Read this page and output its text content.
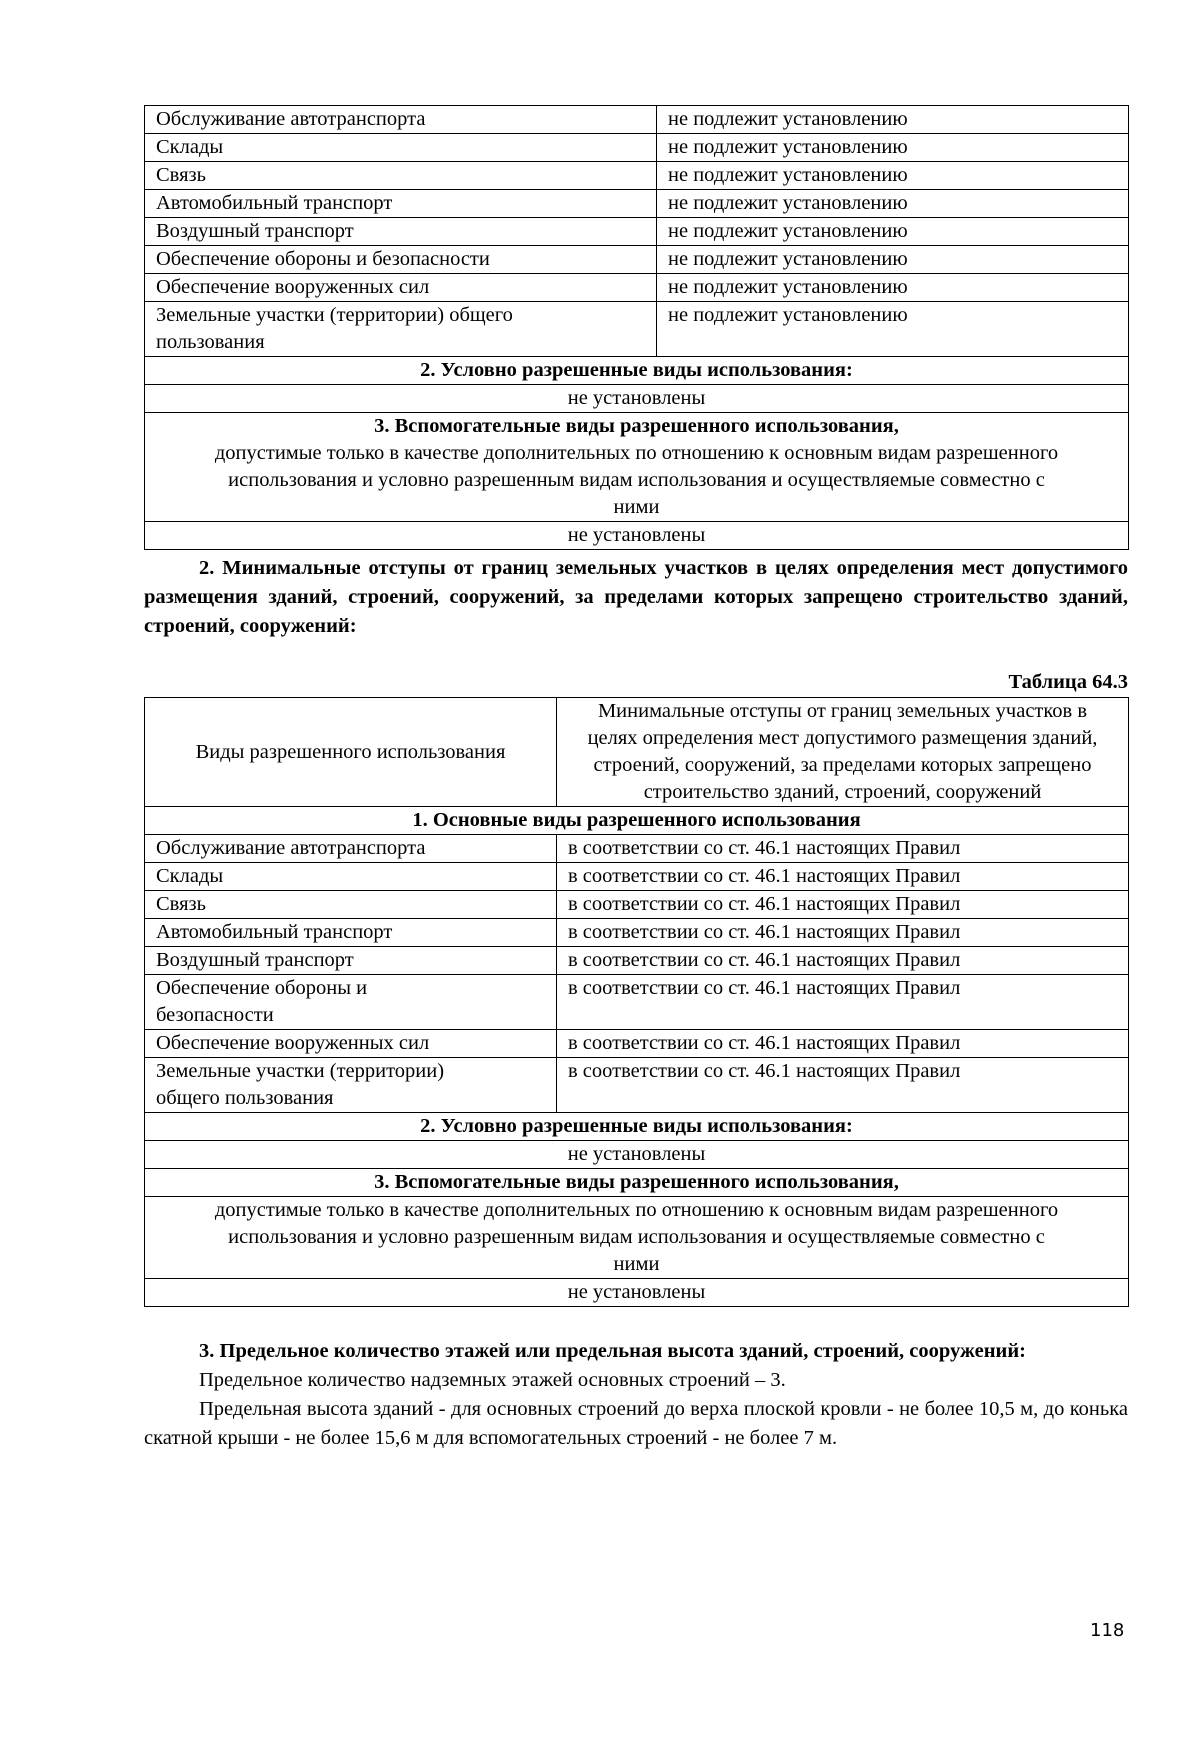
Обслуживание автотранспорта	не подлежит установлению
Склады	не подлежит установлению
Связь	не подлежит установлению
Автомобильный транспорт	не подлежит установлению
Воздушный транспорт	не подлежит установлению
Обеспечение обороны и безопасности	не подлежит установлению
Обеспечение вооруженных сил	не подлежит установлению
Земельные участки (территории) общего пользования	не подлежит установлению
2. Условно разрешенные виды использования:	
не установлены	

3. Вспомогательные виды разрешенного использования,
допустимые только в качестве дополнительных по отношению к основным видам разрешенного использования и условно разрешенным видам использования и осуществляемые совместно с ними	

не установлены	
2. Минимальные отступы от границ земельных участков в целях определения мест допустимого размещения зданий, строений, сооружений, за пределами которых запрещено строительство зданий, строений, сооружений:
Таблица 64.3
Виды разрешенного использования	Минимальные отступы от границ земельных участков в целях определения мест допустимого размещения зданий, строений, сооружений, за пределами которых запрещено строительство зданий, строений, сооружений
1. Основные виды разрешенного использования	
Обслуживание автотранспорта	в соответствии со ст. 46.1 настоящих Правил
Склады	в соответствии со ст. 46.1 настоящих Правил
Связь	в соответствии со ст. 46.1 настоящих Правил
Автомобильный транспорт	в соответствии со ст. 46.1 настоящих Правил
Воздушный транспорт	в соответствии со ст. 46.1 настоящих Правил
Обеспечение обороны и безопасности	в соответствии со ст. 46.1 настоящих Правил
Обеспечение вооруженных сил	в соответствии со ст. 46.1 настоящих Правил
Земельные участки (территории) общего пользования	в соответствии со ст. 46.1 настоящих Правил
2. Условно разрешенные виды использования:	
не установлены	
3. Вспомогательные виды разрешенного использования,	
допустимые только в качестве дополнительных по отношению к основным видам разрешенного использования и условно разрешенным видам использования и осуществляемые совместно с ними	
не установлены	
3. Предельное количество этажей или предельная высота зданий, строений, сооружений:

Предельное количество надземных этажей основных строений – 3.

Предельная высота зданий - для основных строений до верха плоской кровли - не более 10,5 м, до конька скатной крыши - не более 15,6 м для вспомогательных строений - не более 7 м.

118
